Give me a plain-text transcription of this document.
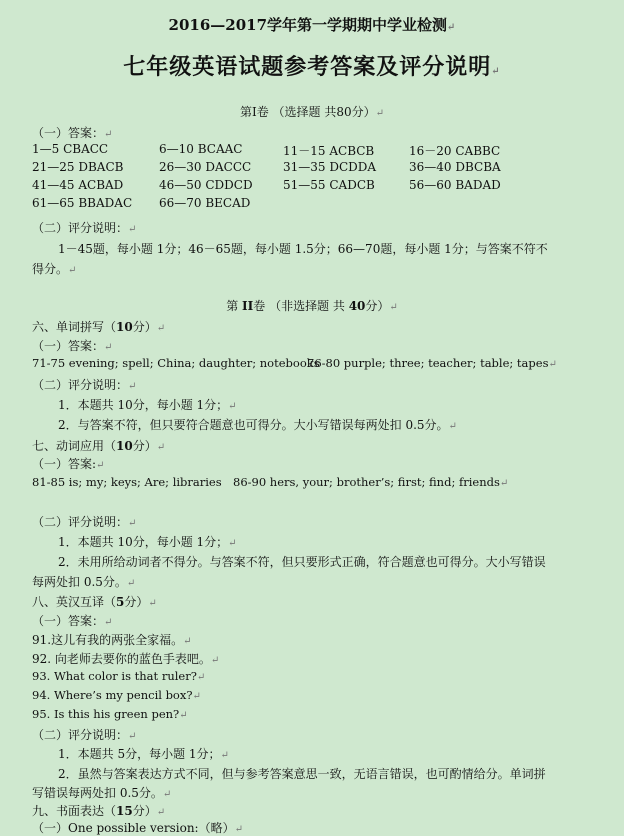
2016—2017学年第一学期期中学业检测↵
七年级英语试题参考答案及评分说明↵
第I卷 （选择题 共80分）↵
（一）答案：↵
1—5 CBACC	6—10 BCAAC	11－15 ACBCB	16－20 CABBC
21—25 DBACB	26—30 DACCC	31—35 DCDDA	36—40 DBCBA
41—45 ACBAD	46—50 CDDCD	51—55 CADCB	56—60 BADAD
61—65 BBADAC 66—70 BECAD
（二）评分说明：↵
1－45题，每小题 1分；46－65题，每小题 1.5分；66—70题，每小题 1分；与答案不符不
得分。↵
第 II卷 （非选择题 共 40分）↵
六、单词拼写（10分）↵
（一）答案：↵
71-75 evening; spell; China; daughter; notebooks
76-80 purple; three; teacher; table; tapes↵
（二）评分说明：↵
1．本题共 10分，每小题 1分；↵
2．与答案不符，但只要符合题意也可得分。大小写错误每两处扣 0.5分。↵
七、动词应用（10分）↵
（一）答案:↵
81-85 is; my; keys; Are; libraries 86-90 hers, your; brother’s; first; find; friends↵
（二）评分说明：↵
1．本题共 10分，每小题 1分；↵
2．未用所给动词者不得分。与答案不符，但只要形式正确，符合题意也可得分。大小写错误
每两处扣 0.5分。↵
八、英汉互译（5分）↵
（一）答案：↵
91.这儿有我的两张全家福。↵
92. 向老师去要你的蓝色手表吧。↵
93. What color is that ruler?↵
94. Where’s my pencil box?↵
95. Is this his green pen?↵
（二）评分说明：↵
1．本题共 5分，每小题 1分；↵
2．虽然与答案表达方式不同，但与参考答案意思一致，无语言错误，也可酌情给分。单词拼
写错误每两处扣 0.5分。↵
九、书面表达（15分）↵
（一）One possible version:（略）↵
